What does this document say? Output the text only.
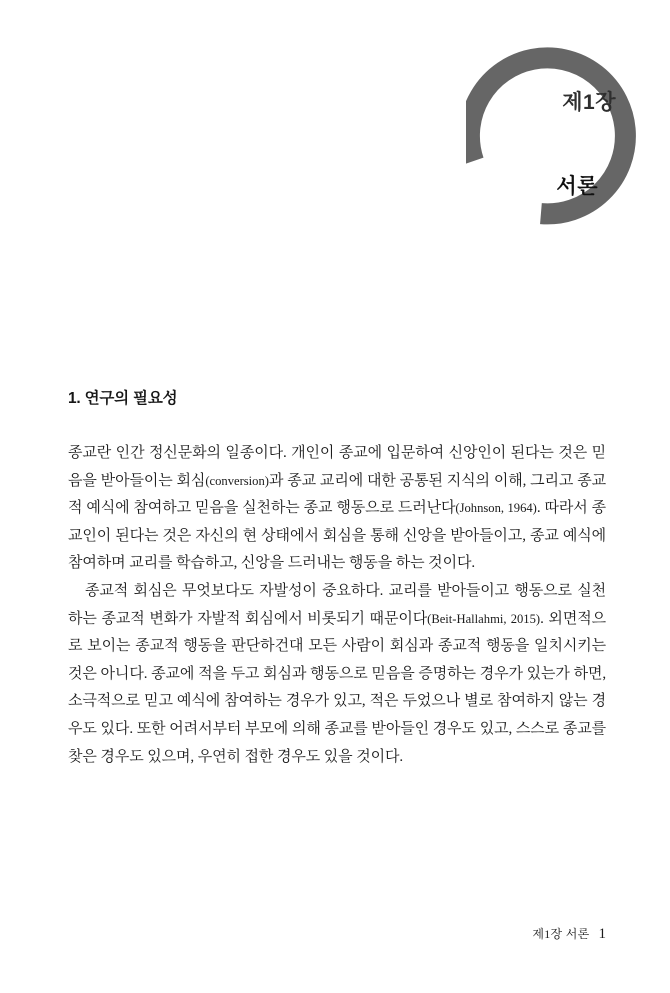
제1장
서론
1. 연구의 필요성

종교란 인간 정신문화의 일종이다. 개인이 종교에 입문하여 신앙인이 된다는 것은 믿음을 받아들이는 회심(conversion)과 종교 교리에 대한 공통된 지식의 이해, 그리고 종교적 예식에 참여하고 믿음을 실천하는 종교 행동으로 드러난다(Johnson, 1964). 따라서 종교인이 된다는 것은 자신의 현 상태에서 회심을 통해 신앙을 받아들이고, 종교 예식에 참여하며 교리를 학습하고, 신앙을 드러내는 행동을 하는 것이다.

종교적 회심은 무엇보다도 자발성이 중요하다. 교리를 받아들이고 행동으로 실천하는 종교적 변화가 자발적 회심에서 비롯되기 때문이다(Beit-Hallahmi, 2015). 외면적으로 보이는 종교적 행동을 판단하건대 모든 사람이 회심과 종교적 행동을 일치시키는 것은 아니다. 종교에 적을 두고 회심과 행동으로 믿음을 증명하는 경우가 있는가 하면, 소극적으로 믿고 예식에 참여하는 경우가 있고, 적은 두었으나 별로 참여하지 않는 경우도 있다. 또한 어려서부터 부모에 의해 종교를 받아들인 경우도 있고, 스스로 종교를 찾은 경우도 있으며, 우연히 접한 경우도 있을 것이다.

제1장 서론 1
